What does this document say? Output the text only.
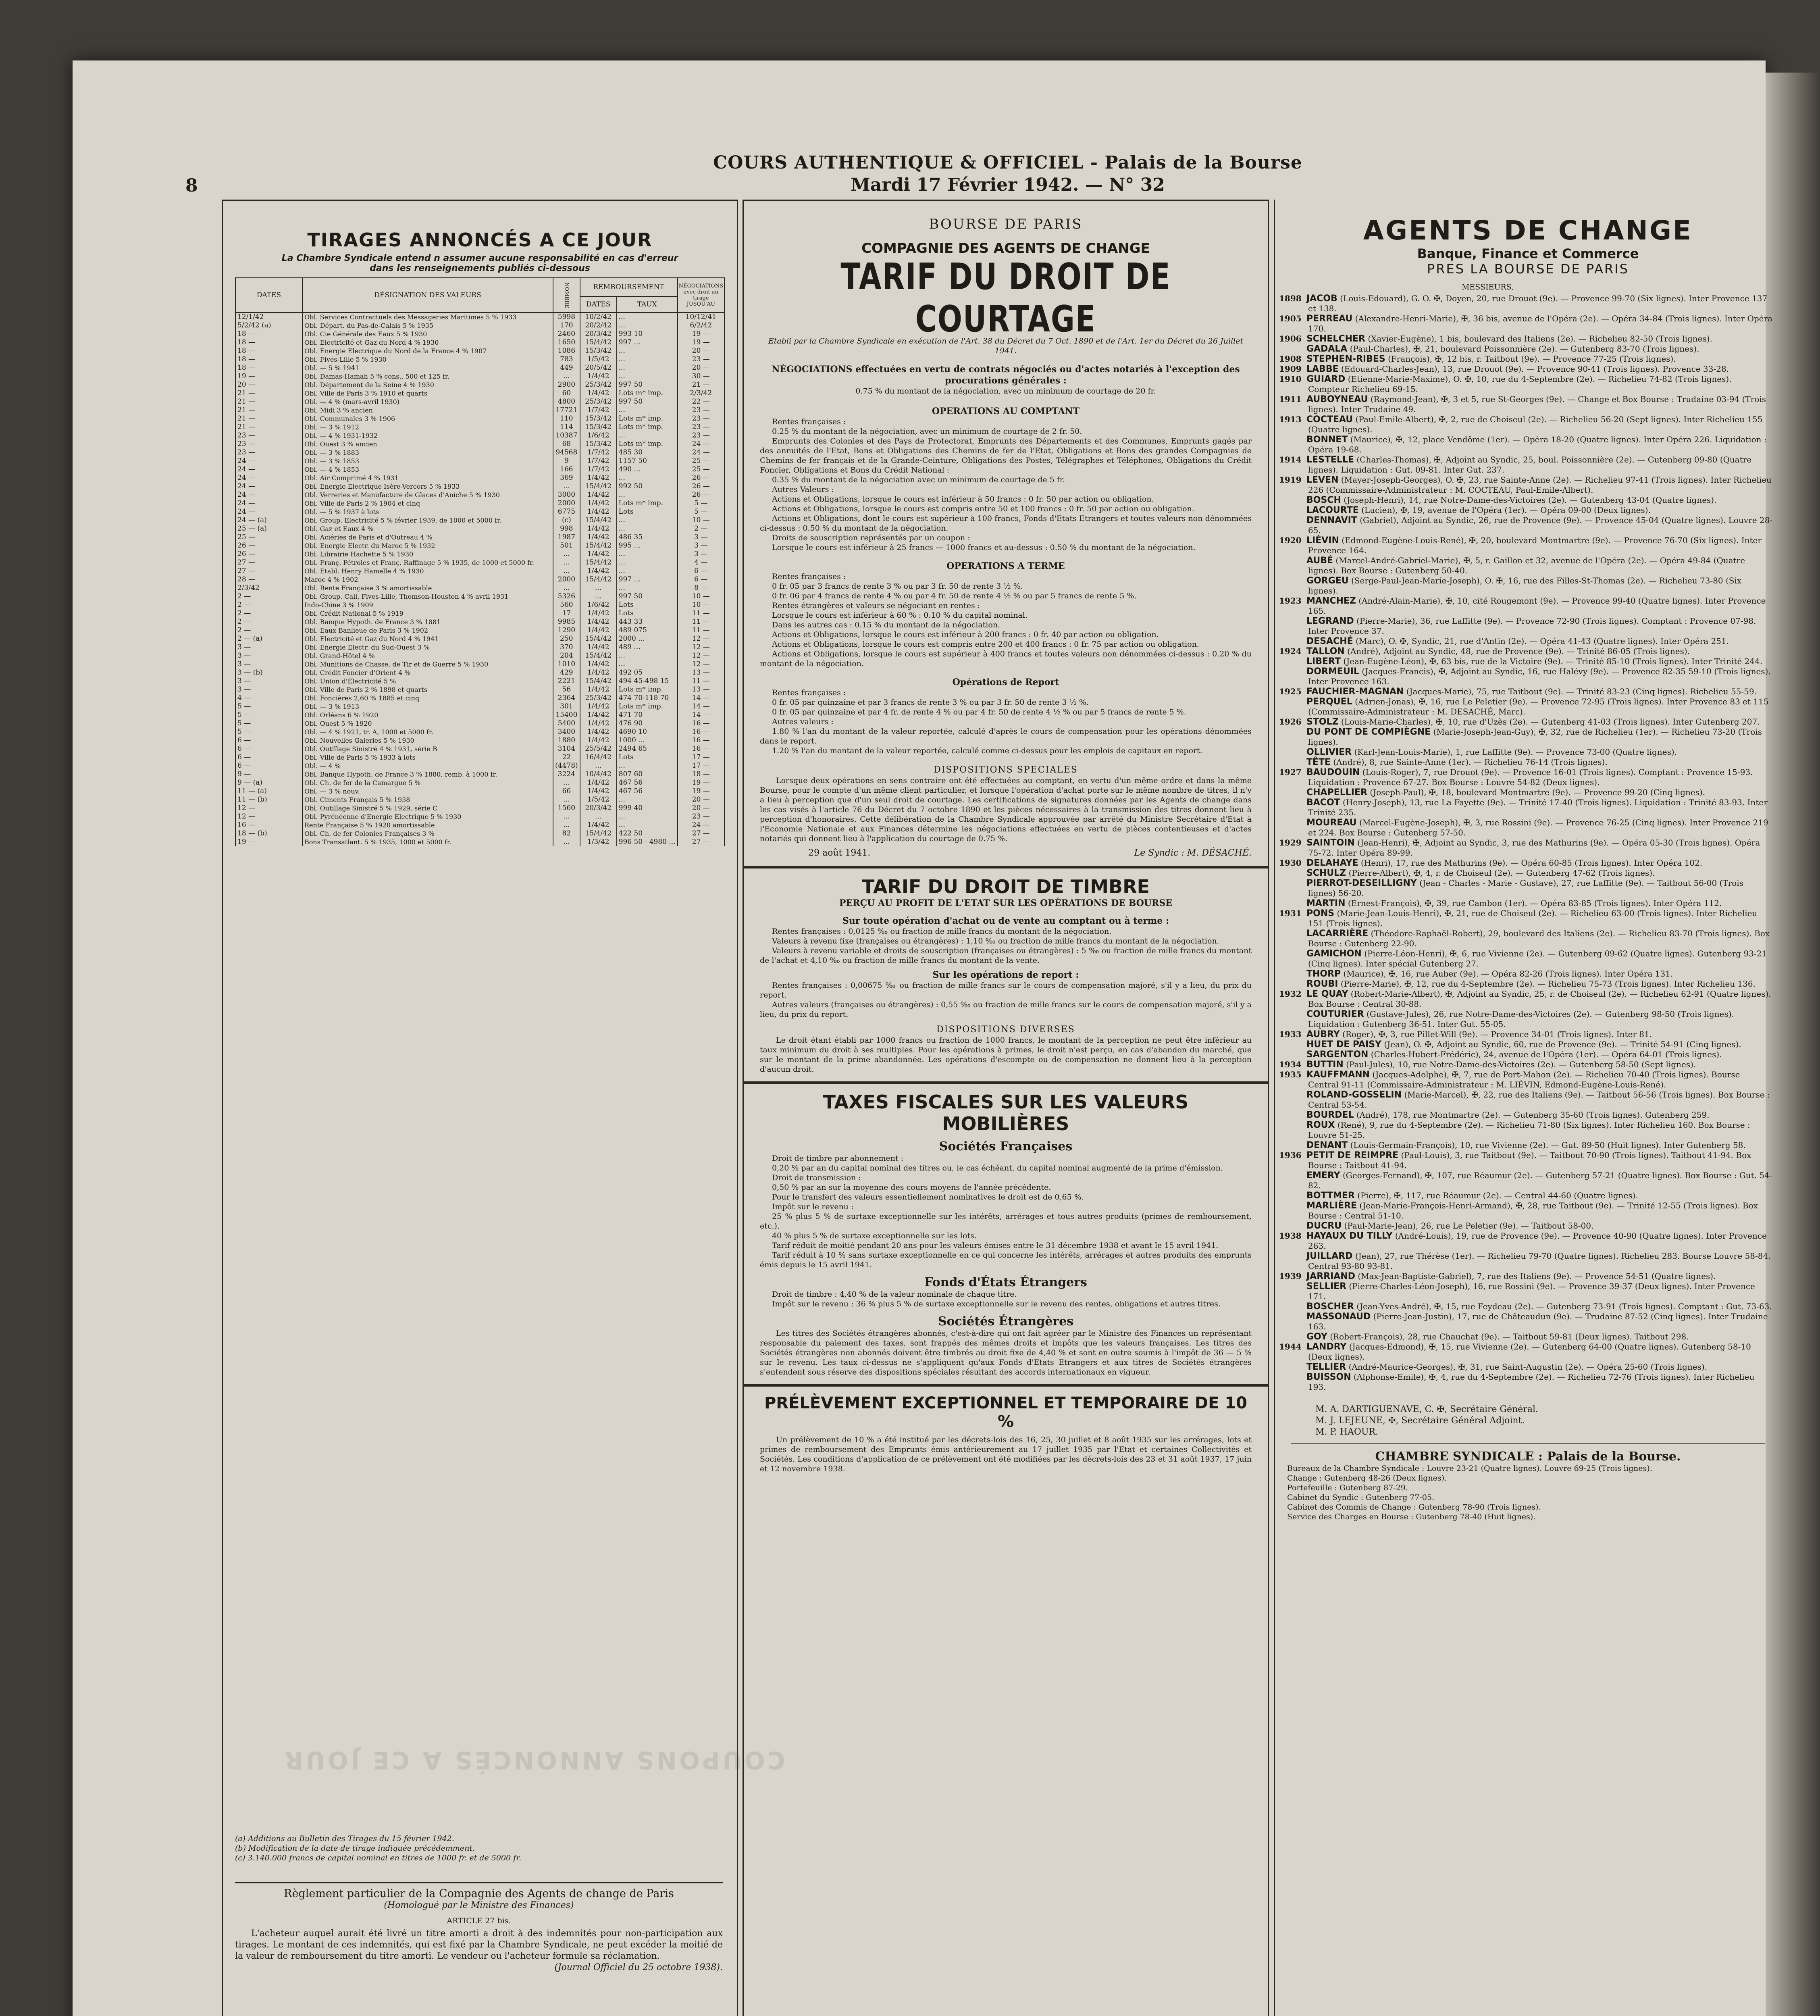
8
COURS AUTHENTIQUE & OFFICIEL - Palais de la Bourse
Mardi 17 Février 1942. — N° 32
TIRAGES ANNONCÉS A CE JOUR
La Chambre Syndicale entend n assumer aucune responsabilité en cas d'erreur
dans les renseignements publiés ci-dessous
DATES	DÉSIGNATION DES VALEURS	NOMBRE	REMBOURSEMENT		NÉGOCIATIONS avec droit au tirage JUSQU'AU
			DATES	TAUX	
12/1/42	Obl. Services Contractuels des Messageries Maritimes 5 % 1933	5998	10/2/42	...	10/12/41
5/2/42 (a)	Obl. Départ. du Pas-de-Calais 5 % 1935	170	20/2/42	...	6/2/42
18 —	Obl. Cie Générale des Eaux 5 % 1930	2460	20/3/42	993 10	19 —
18 —	Obl. Electricité et Gaz du Nord 4 % 1930	1650	15/4/42	997 ...	19 —
18 —	Obl. Energie Electrique du Nord de la France 4 % 1907	1086	15/3/42	...	20 —
18 —	Obl. Fives-Lille 5 % 1930	783	1/5/42	...	23 —
18 —	Obl. — 5 % 1941	449	20/5/42	...	20 —
19 —	Obl. Damas-Hamah 5 % cons., 500 et 125 fr.	...	1/4/42	...	30 —
20 —	Obl. Département de la Seine 4 % 1930	2900	25/3/42	997 50	21 —
21 —	Obl. Ville de Paris 3 % 1910 et quarts	60	1/4/42	Lots m* imp.	2/3/42
21 —	Obl. — 4 % (mars-avril 1930)	4800	25/3/42	997 50	22 —
21 —	Obl. Midi 3 % ancien	17721	1/7/42	...	23 —
21 —	Obl. Communales 3 % 1906	110	15/3/42	Lots m* imp.	23 —
21 —	Obl. — 3 % 1912	114	15/3/42	Lots m* imp.	23 —
23 —	Obl. — 4 % 1931-1932	10387	1/6/42	...	23 —
23 —	Obl. Ouest 3 % ancien	68	15/3/42	Lots m* imp.	24 —
23 —	Obl. — 3 % 1883	94568	1/7/42	485 30	24 —
24 —	Obl. — 3 % 1853	9	1/7/42	1157 50	25 —
24 —	Obl. — 4 % 1853	166	1/7/42	490 ...	25 —
24 —	Obl. Air Comprimé 4 % 1931	369	1/4/42	...	26 —
24 —	Obl. Energie Electrique Isère-Vercors 5 % 1933	...	15/4/42	992 50	26 —
24 —	Obl. Verreries et Manufacture de Glaces d'Aniche 5 % 1930	3000	1/4/42	...	26 —
24 —	Obl. Ville de Paris 2 % 1904 et cinq	2000	1/4/42	Lots m* imp.	5 —
24 —	Obl. — 5 % 1937 à lots	6775	1/4/42	Lots	5 —
24 — (a)	Obl. Group. Electricité 5 % février 1939, de 1000 et 5000 fr.	(c)	15/4/42	...	10 —
25 — (a)	Obl. Gaz et Eaux 4 %	998	1/4/42	...	2 —
25 —	Obl. Aciéries de Paris et d'Outreau 4 %	1987	1/4/42	486 35	3 —
26 —	Obl. Energie Electr. du Maroc 5 % 1932	501	15/4/42	995 ...	3 —
26 —	Obl. Librairie Hachette 5 % 1930	...	1/4/42	...	3 —
27 —	Obl. Franç. Pétroles et Franç. Raffinage 5 % 1935, de 1000 et 5000 fr.	...	15/4/42	...	4 —
27 —	Obl. Etabl. Henry Hamelle 4 % 1930	...	1/4/42	...	6 —
28 —	Maroc 4 % 1902	2000	15/4/42	997 ...	6 —
2/3/42	Obl. Rente Française 3 % amortissable	...	...	...	8 —
2 —	Obl. Group. Cail, Fives-Lille, Thomson-Houston 4 % avril 1931	5326	...	997 50	10 —
2 —	Indo-Chine 3 % 1909	560	1/6/42	Lots	10 —
2 —	Obl. Crédit National 5 % 1919	17	1/4/42	Lots	11 —
2 —	Obl. Banque Hypoth. de France 3 % 1881	9985	1/4/42	443 33	11 —
2 —	Obl. Eaux Banlieue de Paris 3 % 1902	1290	1/4/42	489 075	11 —
2 — (a)	Obl. Electricité et Gaz du Nord 4 % 1941	250	15/4/42	2000 ...	12 —
3 —	Obl. Energie Electr. du Sud-Ouest 3 %	370	1/4/42	489 ...	12 —
3 —	Obl. Grand-Hôtel 4 %	204	15/4/42	...	12 —
3 —	Obl. Munitions de Chasse, de Tir et de Guerre 5 % 1930	1010	1/4/42	...	12 —
3 — (b)	Obl. Crédit Foncier d'Orient 4 %	429	1/4/42	492 05	13 —
3 —	Obl. Union d'Electricité 5 %	2221	15/4/42	494 45-498 15	11 —
3 —	Obl. Ville de Paris 2 % 1898 et quarts	56	1/4/42	Lots m* imp.	13 —
4 —	Obl. Foncières 2,60 % 1885 et cinq	2364	25/3/42	474 70-118 70	14 —
5 —	Obl. — 3 % 1913	301	1/4/42	Lots m* imp.	14 —
5 —	Obl. Orléans 6 % 1920	15400	1/4/42	471 70	14 —
5 —	Obl. Ouest 5 % 1920	5400	1/4/42	476 90	16 —
5 —	Obl. — 4 % 1921, tr. A, 1000 et 5000 fr.	3400	1/4/42	4690 10	16 —
6 —	Obl. Nouvelles Galeries 5 % 1930	1880	1/4/42	1000 ...	16 —
6 —	Obl. Outillage Sinistré 4 % 1931, série B	3104	25/5/42	2494 65	16 —
6 —	Obl. Ville de Paris 5 % 1933 à lots	22	16/4/42	Lots	17 —
6 —	Obl. — 4 %	(4478)	...	...	17 —
9 —	Obl. Banque Hypoth. de France 3 % 1880, remb. à 1000 fr.	3224	10/4/42	807 60	18 —
9 — (a)	Obl. Ch. de fer de la Camargue 5 %	...	1/4/42	467 56	19 —
11 — (a)	Obl. — 3 % nouv.	66	1/4/42	467 56	19 —
11 — (b)	Obl. Ciments Français 5 % 1938	...	1/5/42	...	20 —
12 —	Obl. Outillage Sinistré 5 % 1929, série C	1560	20/3/42	999 40	20 —
12 —	Obl. Pyrénéenne d'Energie Electrique 5 % 1930	...	...	...	23 —
16 —	Rente Française 5 % 1920 amortissable	...	1/4/42	...	24 —
18 — (b)	Obl. Ch. de fer Colonies Françaises 3 %	82	15/4/42	422 50	27 —
19 —	Bons Transatlant. 5 % 1935, 1000 et 5000 fr.	...	1/3/42	996 50 - 4980 ...	27 —
(a) Additions au Bulletin des Tirages du 15 février 1942.
(b) Modification de la date de tirage indiquée précédemment.
(c) 3.140.000 francs de capital nominal en titres de 1000 fr. et de 5000 fr.
Règlement particulier de la Compagnie des Agents de change de Paris
(Homologué par le Ministre des Finances)
ARTICLE 27 bis.
L'acheteur auquel aurait été livré un titre amorti a droit à des indemnités pour non-participation aux tirages. Le montant de ces indemnités, qui est fixé par la Chambre Syndicale, ne peut excéder la moitié de la valeur de remboursement du titre amorti. Le vendeur ou l'acheteur formule sa réclamation.
(Journal Officiel du 25 octobre 1938).
COUPONS ANNONCÉS A CE JOUR
BOURSE DE PARIS
COMPAGNIE DES AGENTS DE CHANGE
TARIF DU DROIT DE COURTAGE
Etabli par la Chambre Syndicale en exécution de l'Art. 38 du Décret du 7 Oct. 1890 et de l'Art. 1er du Décret du 26 Juillet 1941.
NÉGOCIATIONS effectuées en vertu de contrats négociés ou d'actes notariés à l'exception des procurations générales :
0.75 % du montant de la négociation, avec un minimum de courtage de 20 fr.
OPERATIONS AU COMPTANT
Rentes françaises :
0.25 % du montant de la négociation, avec un minimum de courtage de 2 fr. 50.
Emprunts des Colonies et des Pays de Protectorat, Emprunts des Départements et des Communes, Emprunts gagés par des annuités de l'Etat, Bons et Obligations des Chemins de fer de l'Etat, Obligations et Bons des grandes Compagnies de Chemins de fer français et de la Grande-Ceinture, Obligations des Postes, Télégraphes et Téléphones, Obligations du Crédit Foncier, Obligations et Bons du Crédit National :
0.35 % du montant de la négociation avec un minimum de courtage de 5 fr.
Autres Valeurs :
Actions et Obligations, lorsque le cours est inférieur à 50 francs : 0 fr. 50 par action ou obligation.
Actions et Obligations, lorsque le cours est compris entre 50 et 100 francs : 0 fr. 50 par action ou obligation.
Actions et Obligations, dont le cours est supérieur à 100 francs, Fonds d'Etats Etrangers et toutes valeurs non dénommées ci-dessus : 0.50 % du montant de la négociation.
Droits de souscription représentés par un coupon :
Lorsque le cours est inférieur à 25 francs — 1000 francs et au-dessus : 0.50 % du montant de la négociation.
OPERATIONS A TERME
Rentes françaises :
0 fr. 05 par 3 francs de rente 3 % ou par 3 fr. 50 de rente 3 ½ %.
0 fr. 06 par 4 francs de rente 4 % ou par 4 fr. 50 de rente 4 ½ % ou par 5 francs de rente 5 %.
Rentes étrangères et valeurs se négociant en rentes :
Lorsque le cours est inférieur à 60 % : 0.10 % du capital nominal.
Dans les autres cas : 0.15 % du montant de la négociation.
Actions et Obligations, lorsque le cours est inférieur à 200 francs : 0 fr. 40 par action ou obligation.
Actions et Obligations, lorsque le cours est compris entre 200 et 400 francs : 0 fr. 75 par action ou obligation.
Actions et Obligations, lorsque le cours est supérieur à 400 francs et toutes valeurs non dénommées ci-dessus : 0.20 % du montant de la négociation.
Opérations de Report
Rentes françaises :
0 fr. 05 par quinzaine et par 3 francs de rente 3 % ou par 3 fr. 50 de rente 3 ½ %.
0 fr. 05 par quinzaine et par 4 fr. de rente 4 % ou par 4 fr. 50 de rente 4 ½ % ou par 5 francs de rente 5 %.
Autres valeurs :
1.80 % l'an du montant de la valeur reportée, calculé d'après le cours de compensation pour les opérations dénommées dans le report.
1.20 % l'an du montant de la valeur reportée, calculé comme ci-dessus pour les emplois de capitaux en report.
DISPOSITIONS SPECIALES
Lorsque deux opérations en sens contraire ont été effectuées au comptant, en vertu d'un même ordre et dans la même Bourse, pour le compte d'un même client particulier, et lorsque l'opération d'achat porte sur le même nombre de titres, il n'y a lieu à perception que d'un seul droit de courtage. Les certifications de signatures données par les Agents de change dans les cas visés à l'article 76 du Décret du 7 octobre 1890 et les pièces nécessaires à la transmission des titres donnent lieu à perception d'honoraires. Cette délibération de la Chambre Syndicale approuvée par arrêté du Ministre Secrétaire d'Etat à l'Economie Nationale et aux Finances détermine les négociations effectuées en vertu de pièces contentieuses et d'actes notariés qui donnent lieu à l'application du courtage de 0.75 %.
29 août 1941.	Le Syndic : M. DÉSACHÉ.
TARIF DU DROIT DE TIMBRE
PERÇU AU PROFIT DE L'ETAT SUR LES OPÉRATIONS DE BOURSE
Sur toute opération d'achat ou de vente au comptant ou à terme :
Rentes françaises : 0,0125 ‰ ou fraction de mille francs du montant de la négociation.
Valeurs à revenu fixe (françaises ou étrangères) : 1,10 ‰ ou fraction de mille francs du montant de la négociation.
Valeurs à revenu variable et droits de souscription (françaises ou étrangères) : 5 ‰ ou fraction de mille francs du montant de l'achat et 4,10 ‰ ou fraction de mille francs du montant de la vente.
Sur les opérations de report :
Rentes françaises : 0,00675 ‰ ou fraction de mille francs sur le cours de compensation majoré, s'il y a lieu, du prix du report.
Autres valeurs (françaises ou étrangères) : 0,55 ‰ ou fraction de mille francs sur le cours de compensation majoré, s'il y a lieu, du prix du report.
DISPOSITIONS DIVERSES
Le droit étant établi par 1000 francs ou fraction de 1000 francs, le montant de la perception ne peut être inférieur au taux minimum du droit à ses multiples. Pour les opérations à primes, le droit n'est perçu, en cas d'abandon du marché, que sur le montant de la prime abandonnée. Les opérations d'escompte ou de compensation ne donnent lieu à la perception d'aucun droit.
TAXES FISCALES SUR LES VALEURS MOBILIÈRES
Sociétés Françaises
Droit de timbre par abonnement :
0,20 % par an du capital nominal des titres ou, le cas échéant, du capital nominal augmenté de la prime d'émission.
Droit de transmission :
0,50 % par an sur la moyenne des cours moyens de l'année précédente.
Pour le transfert des valeurs essentiellement nominatives le droit est de 0,65 %.
Impôt sur le revenu :
25 % plus 5 % de surtaxe exceptionnelle sur les intérêts, arrérages et tous autres produits (primes de remboursement, etc.).
40 % plus 5 % de surtaxe exceptionnelle sur les lots.
Tarif réduit de moitié pendant 20 ans pour les valeurs émises entre le 31 décembre 1938 et avant le 15 avril 1941.
Tarif réduit à 10 % sans surtaxe exceptionnelle en ce qui concerne les intérêts, arrérages et autres produits des emprunts émis depuis le 15 avril 1941.
Fonds d'États Étrangers
Droit de timbre : 4,40 % de la valeur nominale de chaque titre.
Impôt sur le revenu : 36 % plus 5 % de surtaxe exceptionnelle sur le revenu des rentes, obligations et autres titres.
Sociétés Étrangères
Les titres des Sociétés étrangères abonnés, c'est-à-dire qui ont fait agréer par le Ministre des Finances un représentant responsable du paiement des taxes, sont frappés des mêmes droits et impôts que les valeurs françaises. Les titres des Sociétés étrangères non abonnés doivent être timbrés au droit fixe de 4,40 % et sont en outre soumis à l'impôt de 36 — 5 % sur le revenu. Les taux ci-dessus ne s'appliquent qu'aux Fonds d'Etats Etrangers et aux titres de Sociétés étrangères s'entendent sous réserve des dispositions spéciales résultant des accords internationaux en vigueur.
PRÉLÈVEMENT EXCEPTIONNEL ET TEMPORAIRE DE 10 %
Un prélèvement de 10 % a été institué par les décrets-lois des 16, 25, 30 juillet et 8 août 1935 sur les arrérages, lots et primes de remboursement des Emprunts émis antérieurement au 17 juillet 1935 par l'Etat et certaines Collectivités et Sociétés. Les conditions d'application de ce prélèvement ont été modifiées par les décrets-lois des 23 et 31 août 1937, 17 juin et 12 novembre 1938.
AGENTS DE CHANGE
Banque, Finance et Commerce
PRES LA BOURSE DE PARIS
MESSIEURS,
1898 JACOB (Louis-Edouard), G. O. ✠, Doyen, 20, rue Drouot (9e). — Provence 99-70 (Six lignes). Inter Provence 137 et 138.
1905 PERREAU (Alexandre-Henri-Marie), ✠, 36 bis, avenue de l'Opéra (2e). — Opéra 34-84 (Trois lignes). Inter Opéra 170.
1906 SCHELCHER (Xavier-Eugène), 1 bis, boulevard des Italiens (2e). — Richelieu 82-50 (Trois lignes).
GADALA (Paul-Charles), ✠, 21, boulevard Poissonnière (2e). — Gutenberg 83-70 (Trois lignes).
1908 STEPHEN-RIBES (François), ✠, 12 bis, r. Taitbout (9e). — Provence 77-25 (Trois lignes).
1909 LABBE (Edouard-Charles-Jean), 13, rue Drouot (9e). — Provence 90-41 (Trois lignes). Provence 33-28.
1910 GUIARD (Etienne-Marie-Maxime), O. ✠, 10, rue du 4-Septembre (2e). — Richelieu 74-82 (Trois lignes). Compteur Richelieu 69-15.
1911 AUBOYNEAU (Raymond-Jean), ✠, 3 et 5, rue St-Georges (9e). — Change et Box Bourse : Trudaine 03-94 (Trois lignes). Inter Trudaine 49.
1913 COCTEAU (Paul-Emile-Albert), ✠, 2, rue de Choiseul (2e). — Richelieu 56-20 (Sept lignes). Inter Richelieu 155 (Quatre lignes).
BONNET (Maurice), ✠, 12, place Vendôme (1er). — Opéra 18-20 (Quatre lignes). Inter Opéra 226. Liquidation : Opéra 19-68.
1914 LESTELLE (Charles-Thomas), ✠, Adjoint au Syndic, 25, boul. Poissonnière (2e). — Gutenberg 09-80 (Quatre lignes). Liquidation : Gut. 09-81. Inter Gut. 237.
1919 LEVEN (Mayer-Joseph-Georges), O. ✠, 23, rue Sainte-Anne (2e). — Richelieu 97-41 (Trois lignes). Inter Richelieu 226 (Commissaire-Administrateur : M. COCTEAU, Paul-Emile-Albert).
BOSCH (Joseph-Henri), 14, rue Notre-Dame-des-Victoires (2e). — Gutenberg 43-04 (Quatre lignes).
LACOURTE (Lucien), ✠, 19, avenue de l'Opéra (1er). — Opéra 09-00 (Deux lignes).
DENNAVIT (Gabriel), Adjoint au Syndic, 26, rue de Provence (9e). — Provence 45-04 (Quatre lignes). Louvre 28-65.
1920 LIÉVIN (Edmond-Eugène-Louis-René), ✠, 20, boulevard Montmartre (9e). — Provence 76-70 (Six lignes). Inter Provence 164.
AUBÉ (Marcel-André-Gabriel-Marie), ✠, 5, r. Gaillon et 32, avenue de l'Opéra (2e). — Opéra 49-84 (Quatre lignes). Box Bourse : Gutenberg 50-40.
GORGEU (Serge-Paul-Jean-Marie-Joseph), O. ✠, 16, rue des Filles-St-Thomas (2e). — Richelieu 73-80 (Six lignes).
1923 MANCHEZ (André-Alain-Marie), ✠, 10, cité Rougemont (9e). — Provence 99-40 (Quatre lignes). Inter Provence 165.
LEGRAND (Pierre-Marie), 36, rue Laffitte (9e). — Provence 72-90 (Trois lignes). Comptant : Provence 07-98. Inter Provence 37.
DESACHÉ (Marc), O. ✠, Syndic, 21, rue d'Antin (2e). — Opéra 41-43 (Quatre lignes). Inter Opéra 251.
1924 TALLON (André), Adjoint au Syndic, 48, rue de Provence (9e). — Trinité 86-05 (Trois lignes).
LIBERT (Jean-Eugène-Léon), ✠, 63 bis, rue de la Victoire (9e). — Trinité 85-10 (Trois lignes). Inter Trinité 244.
DORMEUIL (Jacques-Francis), ✠, Adjoint au Syndic, 16, rue Halévy (9e). — Provence 82-35 59-10 (Trois lignes). Inter Provence 163.
1925 FAUCHIER-MAGNAN (Jacques-Marie), 75, rue Taitbout (9e). — Trinité 83-23 (Cinq lignes). Richelieu 55-59.
PERQUEL (Adrien-Jonas), ✠, 16, rue Le Peletier (9e). — Provence 72-95 (Trois lignes). Inter Provence 83 et 115 (Commissaire-Administrateur : M. DESACHÉ, Marc).
1926 STOLZ (Louis-Marie-Charles), ✠, 10, rue d'Uzès (2e). — Gutenberg 41-03 (Trois lignes). Inter Gutenberg 207.
DU PONT DE COMPIÈGNE (Marie-Joseph-Jean-Guy), ✠, 32, rue de Richelieu (1er). — Richelieu 73-20 (Trois lignes).
OLLIVIER (Karl-Jean-Louis-Marie), 1, rue Laffitte (9e). — Provence 73-00 (Quatre lignes).
TÊTE (André), 8, rue Sainte-Anne (1er). — Richelieu 76-14 (Trois lignes).
1927 BAUDOUIN (Louis-Roger), 7, rue Drouot (9e). — Provence 16-01 (Trois lignes). Comptant : Provence 15-93. Liquidation : Provence 67-27. Box Bourse : Louvre 54-82 (Deux lignes).
CHAPELLIER (Joseph-Paul), ✠, 18, boulevard Montmartre (9e). — Provence 99-20 (Cinq lignes).
BACOT (Henry-Joseph), 13, rue La Fayette (9e). — Trinité 17-40 (Trois lignes). Liquidation : Trinité 83-93. Inter Trinité 235.
MOUREAU (Marcel-Eugène-Joseph), ✠, 3, rue Rossini (9e). — Provence 76-25 (Cinq lignes). Inter Provence 219 et 224. Box Bourse : Gutenberg 57-50.
1929 SAINTOIN (Jean-Henri), ✠, Adjoint au Syndic, 3, rue des Mathurins (9e). — Opéra 05-30 (Trois lignes). Opéra 75-72. Inter Opéra 89-99.
1930 DELAHAYE (Henri), 17, rue des Mathurins (9e). — Opéra 60-85 (Trois lignes). Inter Opéra 102.
SCHULZ (Pierre-Albert), ✠, 4, r. de Choiseul (2e). — Gutenberg 47-62 (Trois lignes).
PIERROT-DESEILLIGNY (Jean - Charles - Marie - Gustave), 27, rue Laffitte (9e). — Taitbout 56-00 (Trois lignes) 56-20.
MARTIN (Ernest-François), ✠, 39, rue Cambon (1er). — Opéra 83-85 (Trois lignes). Inter Opéra 112.
1931 PONS (Marie-Jean-Louis-Henri), ✠, 21, rue de Choiseul (2e). — Richelieu 63-00 (Trois lignes). Inter Richelieu 151 (Trois lignes).
LACARRIÈRE (Théodore-Raphaël-Robert), 29, boulevard des Italiens (2e). — Richelieu 83-70 (Trois lignes). Box Bourse : Gutenberg 22-90.
GAMICHON (Pierre-Léon-Henri), ✠, 6, rue Vivienne (2e). — Gutenberg 09-62 (Quatre lignes). Gutenberg 93-21 (Cinq lignes). Inter spécial Gutenberg 27.
THORP (Maurice), ✠, 16, rue Auber (9e). — Opéra 82-26 (Trois lignes). Inter Opéra 131.
ROUBI (Pierre-Marie), ✠, 12, rue du 4-Septembre (2e). — Richelieu 75-73 (Trois lignes). Inter Richelieu 136.
1932 LE QUAY (Robert-Marie-Albert), ✠, Adjoint au Syndic, 25, r. de Choiseul (2e). — Richelieu 62-91 (Quatre lignes). Box Bourse : Central 30-88.
COUTURIER (Gustave-Jules), 26, rue Notre-Dame-des-Victoires (2e). — Gutenberg 98-50 (Trois lignes). Liquidation : Gutenberg 36-51. Inter Gut. 55-05.
1933 AUBRY (Roger), ✠, 3, rue Pillet-Will (9e). — Provence 34-01 (Trois lignes). Inter 81.
HUET DE PAISY (Jean), O. ✠, Adjoint au Syndic, 60, rue de Provence (9e). — Trinité 54-91 (Cinq lignes).
SARGENTON (Charles-Hubert-Frédéric), 24, avenue de l'Opéra (1er). — Opéra 64-01 (Trois lignes).
1934 BUTTIN (Paul-Jules), 10, rue Notre-Dame-des-Victoires (2e). — Gutenberg 58-50 (Sept lignes).
1935 KAUFFMANN (Jacques-Adolphe), ✠, 7, rue de Port-Mahon (2e). — Richelieu 70-40 (Trois lignes). Bourse Central 91-11 (Commissaire-Administrateur : M. LIÉVIN, Edmond-Eugène-Louis-René).
ROLAND-GOSSELIN (Marie-Marcel), ✠, 22, rue des Italiens (9e). — Taitbout 56-56 (Trois lignes). Box Bourse : Central 53-54.
BOURDEL (André), 178, rue Montmartre (2e). — Gutenberg 35-60 (Trois lignes). Gutenberg 259.
ROUX (René), 9, rue du 4-Septembre (2e). — Richelieu 71-80 (Six lignes). Inter Richelieu 160. Box Bourse : Louvre 51-25.
DENANT (Louis-Germain-François), 10, rue Vivienne (2e). — Gut. 89-50 (Huit lignes). Inter Gutenberg 58.
1936 PETIT DE REIMPRE (Paul-Louis), 3, rue Taitbout (9e). — Taitbout 70-90 (Trois lignes). Taitbout 41-94. Box Bourse : Taitbout 41-94.
EMERY (Georges-Fernand), ✠, 107, rue Réaumur (2e). — Gutenberg 57-21 (Quatre lignes). Box Bourse : Gut. 54-82.
BOTTMER (Pierre), ✠, 117, rue Réaumur (2e). — Central 44-60 (Quatre lignes).
MARLIÈRE (Jean-Marie-François-Henri-Armand), ✠, 28, rue Taitbout (9e). — Trinité 12-55 (Trois lignes). Box Bourse : Central 51-10.
DUCRU (Paul-Marie-Jean), 26, rue Le Peletier (9e). — Taitbout 58-00.
1938 HAYAUX DU TILLY (André-Louis), 19, rue de Provence (9e). — Provence 40-90 (Quatre lignes). Inter Provence 263.
JUILLARD (Jean), 27, rue Thérèse (1er). — Richelieu 79-70 (Quatre lignes). Richelieu 283. Bourse Louvre 58-84. Central 93-80 93-81.
1939 JARRIAND (Max-Jean-Baptiste-Gabriel), 7, rue des Italiens (9e). — Provence 54-51 (Quatre lignes).
SELLIER (Pierre-Charles-Léon-Joseph), 16, rue Rossini (9e). — Provence 39-37 (Deux lignes). Inter Provence 171.
BOSCHER (Jean-Yves-André), ✠, 15, rue Feydeau (2e). — Gutenberg 73-91 (Trois lignes). Comptant : Gut. 73-63.
MASSONAUD (Pierre-Jean-Justin), 17, rue de Châteaudun (9e). — Trudaine 87-52 (Cinq lignes). Inter Trudaine 163.
GOY (Robert-François), 28, rue Chauchat (9e). — Taitbout 59-81 (Deux lignes). Taitbout 298.
1944 LANDRY (Jacques-Edmond), ✠, 15, rue Vivienne (2e). — Gutenberg 64-00 (Quatre lignes). Gutenberg 58-10 (Deux lignes).
TELLIER (André-Maurice-Georges), ✠, 31, rue Saint-Augustin (2e). — Opéra 25-60 (Trois lignes).
BUISSON (Alphonse-Emile), ✠, 4, rue du 4-Septembre (2e). — Richelieu 72-76 (Trois lignes). Inter Richelieu 193.
M. A. DARTIGUENAVE, C. ✠, Secrétaire Général.
M. J. LEJEUNE, ✠, Secrétaire Général Adjoint.
M. P. HAOUR.
CHAMBRE SYNDICALE : Palais de la Bourse.
Bureaux de la Chambre Syndicale : Louvre 23-21 (Quatre lignes). Louvre 69-25 (Trois lignes).
Change : Gutenberg 48-26 (Deux lignes).
Portefeuille : Gutenberg 87-29.
Cabinet du Syndic : Gutenberg 77-05.
Cabinet des Commis de Change : Gutenberg 78-90 (Trois lignes).
Service des Charges en Bourse : Gutenberg 78-40 (Huit lignes).
